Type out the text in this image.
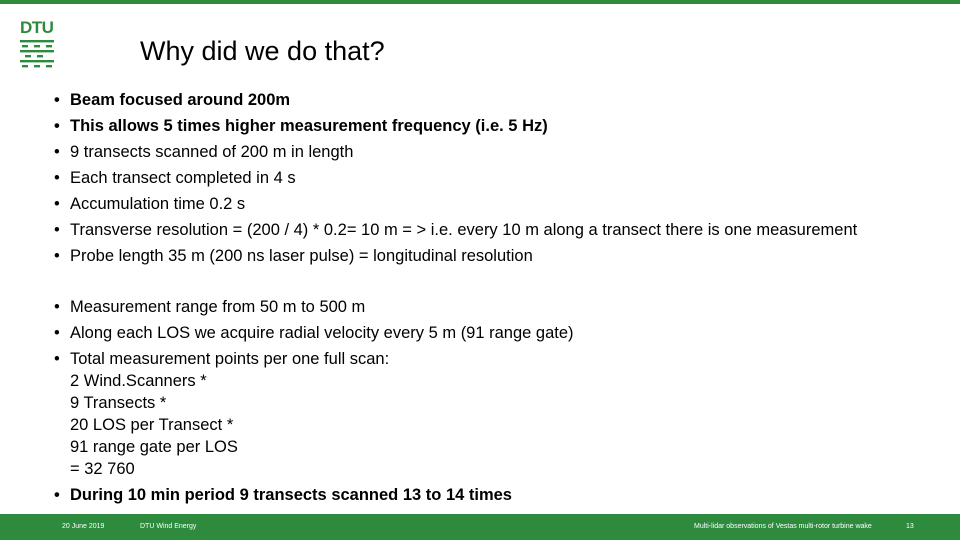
DTU
Why did we do that?
• Beam focused around 200m
• This allows 5 times higher measurement frequency (i.e. 5 Hz)
• 9 transects scanned of 200 m in length
• Each transect completed in 4 s
• Accumulation time 0.2 s
• Transverse resolution = (200 / 4) * 0.2= 10 m = > i.e. every 10 m along a transect there is one measurement
• Probe length 35 m (200 ns laser pulse) = longitudinal resolution
• Measurement range from 50 m to 500 m
• Along each LOS we acquire radial velocity every 5 m (91 range gate)
• Total measurement points per one full scan:
2 Wind.Scanners *
9 Transects *
20 LOS per Transect *
91 range gate per LOS
= 32 760
• During 10 min period 9 transects scanned 13 to 14 times
20 June 2019	DTU Wind Energy	Multi-lidar observations of Vestas multi-rotor turbine wake	13
